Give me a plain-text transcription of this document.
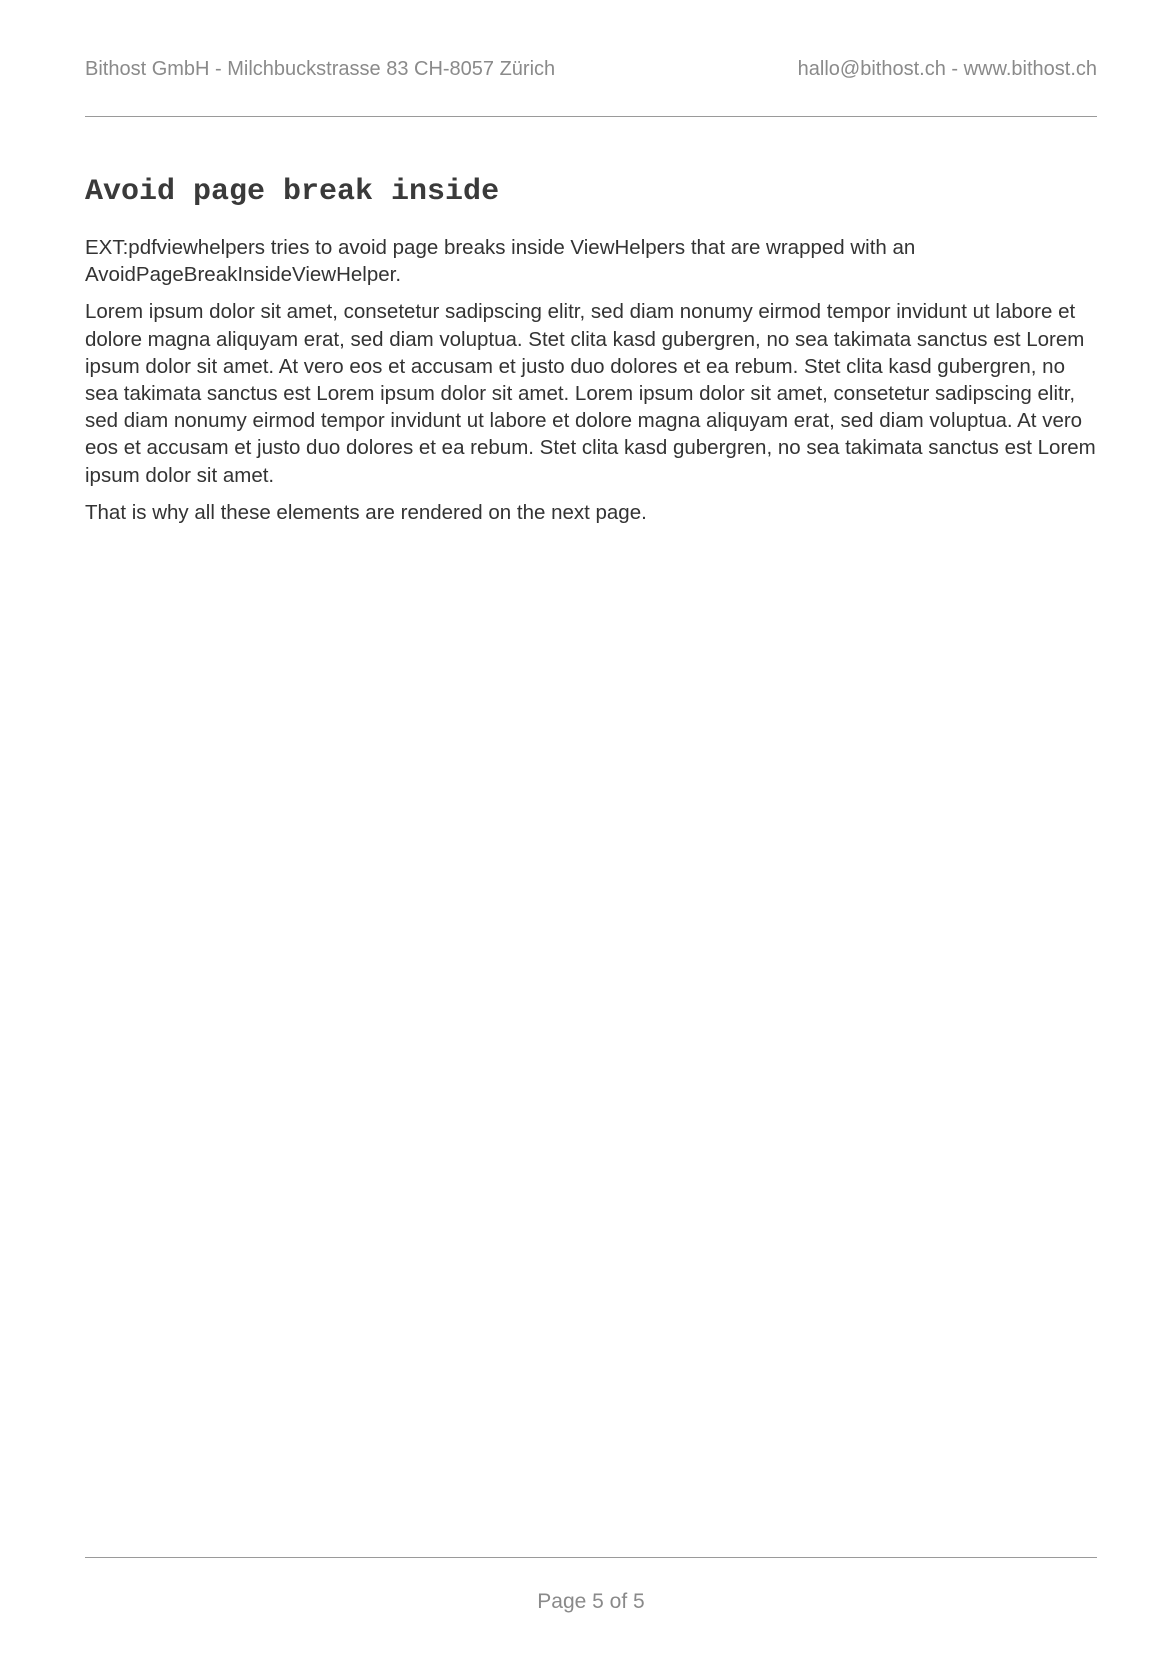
Bithost GmbH - Milchbuckstrasse 83 CH-8057 Zürich	hallo@bithost.ch - www.bithost.ch
Avoid page break inside

EXT:pdfviewhelpers tries to avoid page breaks inside ViewHelpers that are wrapped with an AvoidPageBreakInsideViewHelper.

Lorem ipsum dolor sit amet, consetetur sadipscing elitr, sed diam nonumy eirmod tempor invidunt ut labore et dolore magna aliquyam erat, sed diam voluptua. Stet clita kasd gubergren, no sea takimata sanctus est Lorem ipsum dolor sit amet. At vero eos et accusam et justo duo dolores et ea rebum. Stet clita kasd gubergren, no sea takimata sanctus est Lorem ipsum dolor sit amet. Lorem ipsum dolor sit amet, consetetur sadipscing elitr, sed diam nonumy eirmod tempor invidunt ut labore et dolore magna aliquyam erat, sed diam voluptua. At vero eos et accusam et justo duo dolores et ea rebum. Stet clita kasd gubergren, no sea takimata sanctus est Lorem ipsum dolor sit amet.

That is why all these elements are rendered on the next page.

Page 5 of 5
